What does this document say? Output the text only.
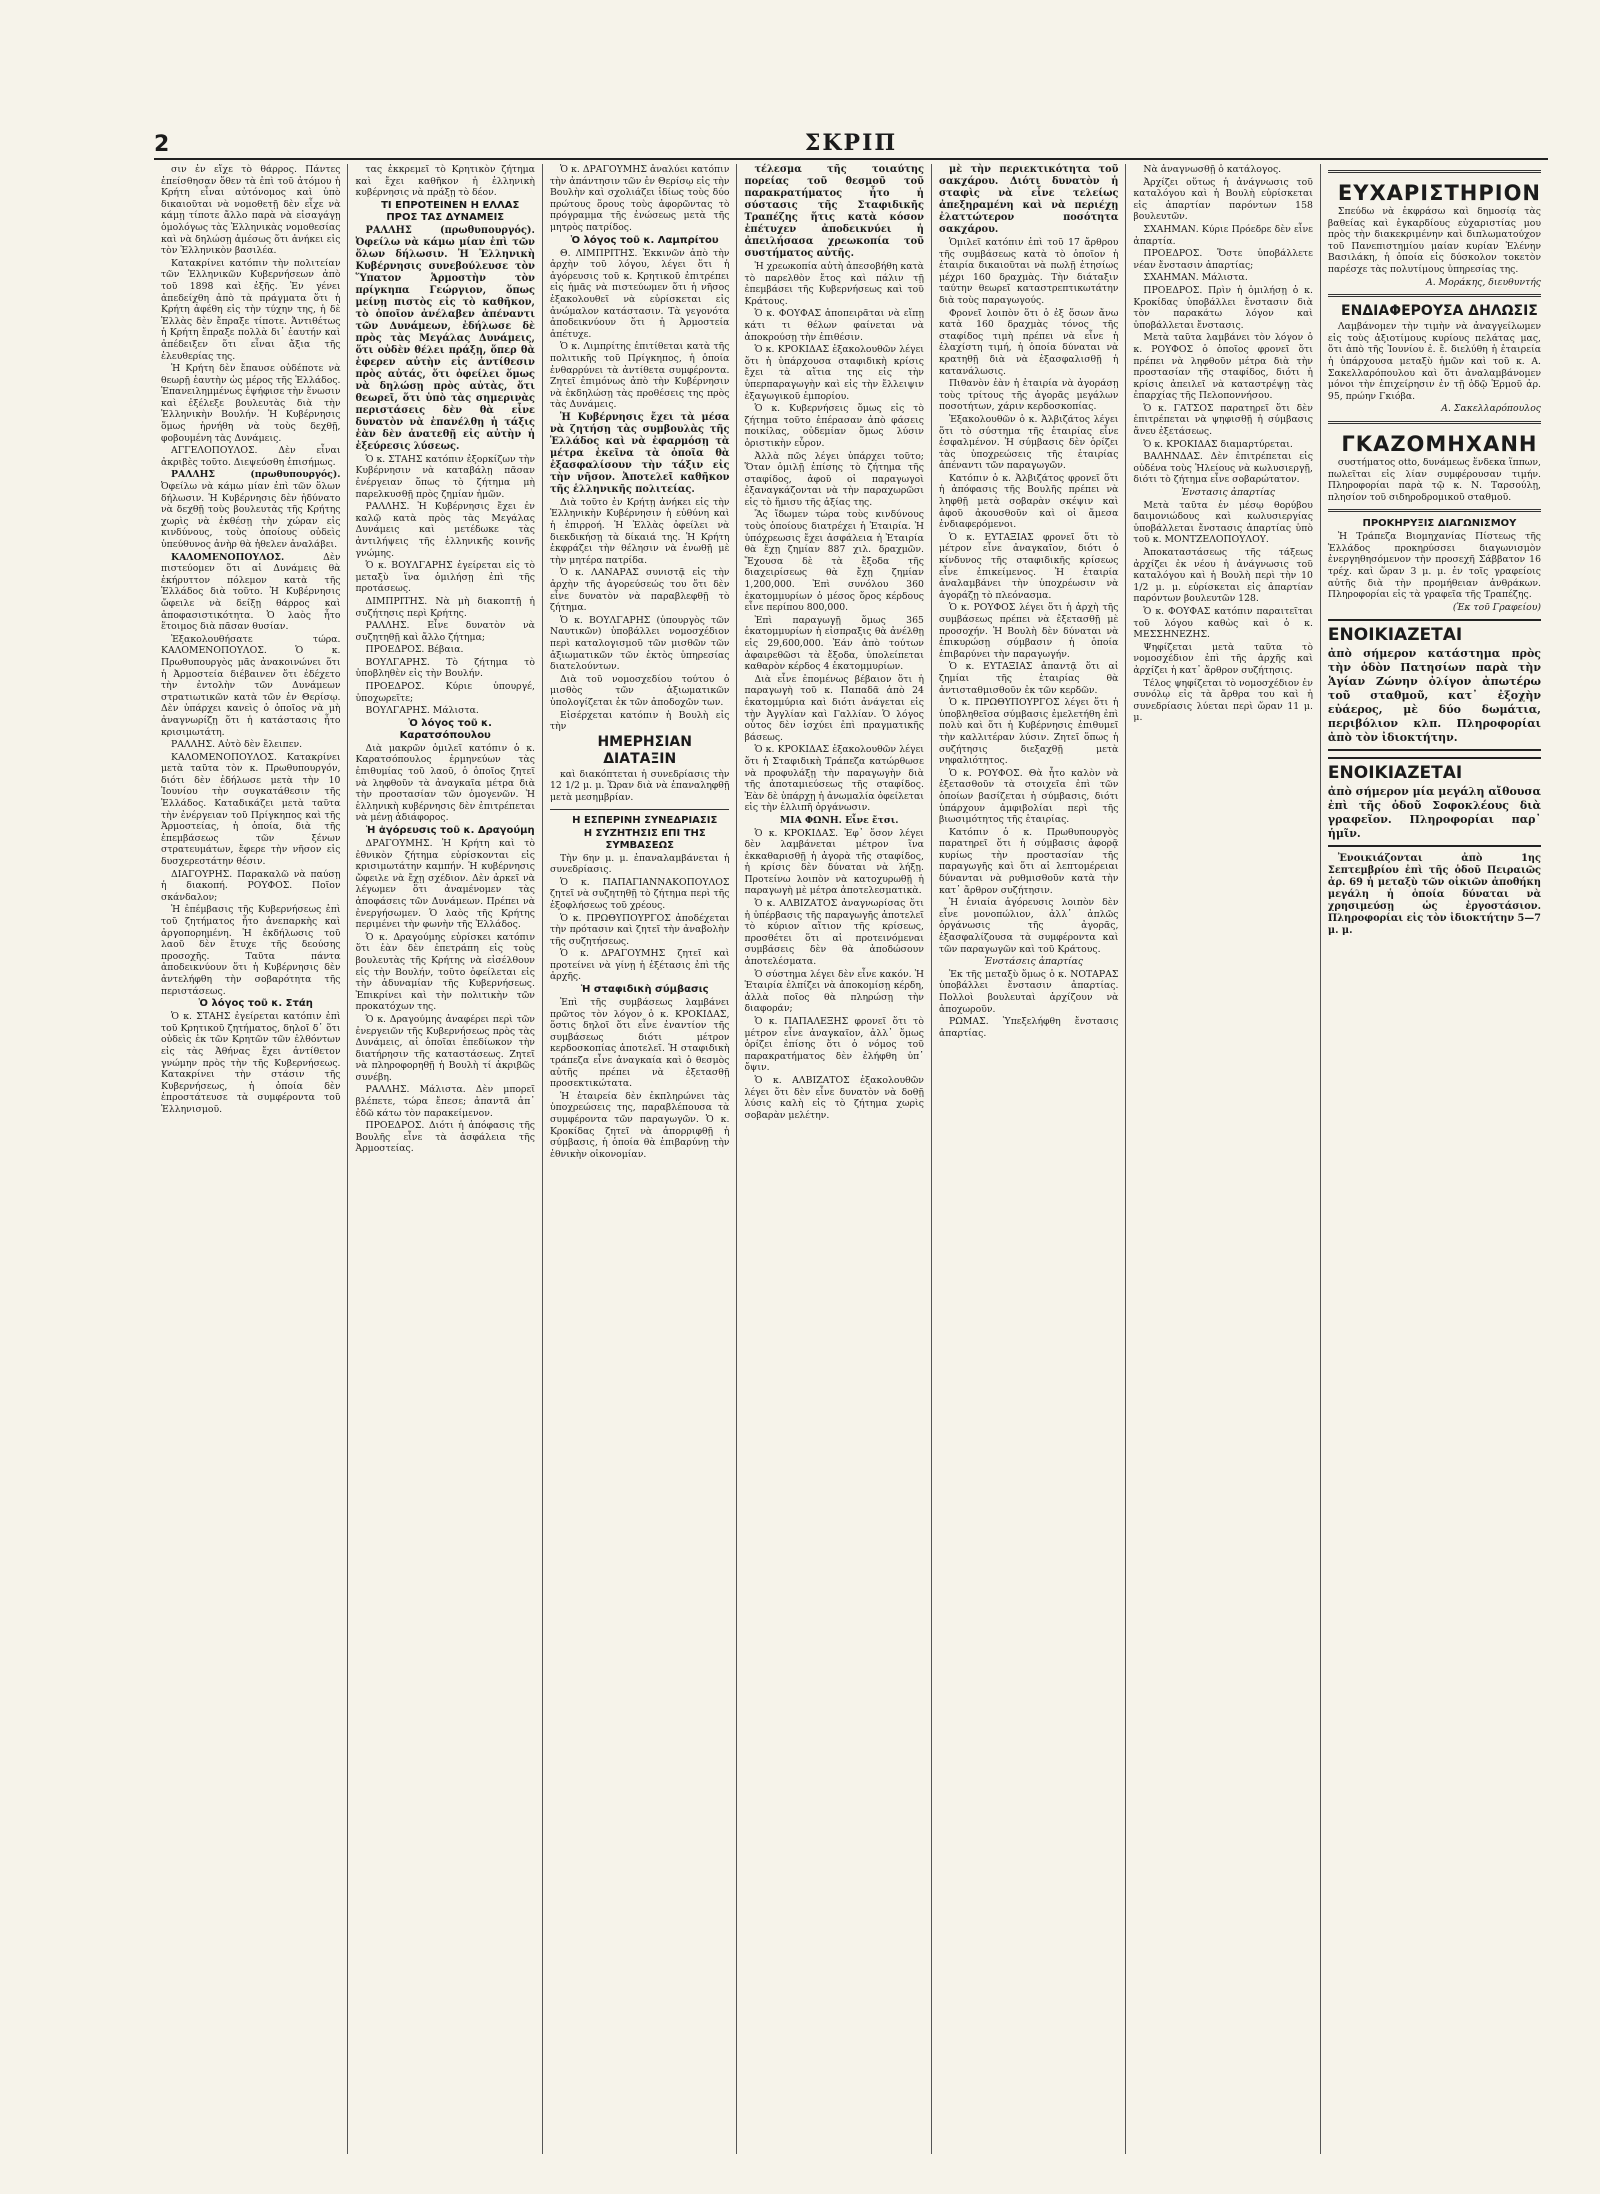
2	ΣΚΡΙΠ

σιν ἐν εἴχε τὸ θάρρος. Πάντες ἐπείσθησαν ὅθεν τὰ ἐπὶ τοῦ ἀτόμου ἡ Κρήτη εἶναι αὐτόνομος καὶ ὑπὸ δικαιοῦται νὰ νομοθετῇ δὲν εἶχε νὰ κάμῃ τίποτε ἄλλο παρὰ νὰ εἰσαγάγῃ ὁμολόγως τὰς Ἑλληνικὰς νομοθεσίας καὶ νὰ δηλώσῃ ἀμέσως ὅτι ἀνήκει εἰς τὸν Ἑλληνικὸν βασιλέα.

Κατακρίνει κατόπιν τὴν πολιτείαν τῶν Ἑλληνικῶν Κυβερνήσεων ἀπὸ τοῦ 1898 καὶ ἐξῆς. Ἐν γένει ἀπεδείχθη ἀπὸ τὰ πράγματα ὅτι ἡ Κρήτη ἀφέθη εἰς τὴν τύχην της, ἡ δὲ Ἑλλὰς δὲν ἔπραξε τίποτε. Ἀντιθέτως ἡ Κρήτη ἔπραξε πολλὰ δι᾽ ἑαυτήν καὶ ἀπέδειξεν ὅτι εἶναι ἄξια τῆς ἐλευθερίας της.

Ἡ Κρήτη δὲν ἔπαυσε οὐδέποτε νὰ θεωρῇ ἑαυτὴν ὡς μέρος τῆς Ἑλλάδος. Ἐπανειλημμένως ἐψήφισε τὴν ἕνωσιν καὶ ἐξέλεξε βουλευτὰς διὰ τὴν Ἑλληνικὴν Βουλήν. Ἡ Κυβέρνησις ὅμως ἠρνήθη νὰ τοὺς δεχθῇ, φοβουμένη τὰς Δυνάμεις.

ΑΓΓΕΛΟΠΟΥΛΟΣ. Δὲν εἶναι ἀκριβὲς τοῦτο. Διεψεύσθη ἐπισήμως.

ΡΑΛΛΗΣ (πρωθυπουργός). Ὀφείλω νὰ κάμω μίαν ἐπὶ τῶν ὅλων δήλωσιν. Ἡ Κυβέρνησις δὲν ἠδύνατο νὰ δεχθῇ τοὺς βουλευτὰς τῆς Κρήτης χωρὶς νὰ ἐκθέσῃ τὴν χώραν εἰς κινδύνους, τοὺς ὁποίους οὐδεὶς ὑπεύθυνος ἀνὴρ θὰ ἠθελεν ἀναλάβει.

ΚΑΛΟΜΕΝΟΠΟΥΛΟΣ.	Δὲν πιστεύομεν ὅτι αἱ Δυνάμεις θὰ ἐκήρυττον πόλεμον κατὰ τῆς Ἑλλάδος διὰ τοῦτο. Ἡ Κυβέρνησις ὤφειλε νὰ δείξῃ θάρρος καὶ ἀποφασιστικότητα. Ὁ λαὸς ἦτο ἕτοιμος διὰ πᾶσαν θυσίαν.

Ἐξακολουθήσατε τώρα. ΚΑΛΟΜΕΝΟΠΟΥΛΟΣ. Ὁ κ. Πρωθυπουργὸς μᾶς ἀνακοινώνει ὅτι ἡ Ἀρμοστεία διέβαινεν ὅτι ἐδέχετο τὴν ἐντολὴν τῶν Δυνάμεων στρατιωτικῶν κατὰ τῶν ἐν Θερίσῳ. Δὲν ὑπάρχει κανεὶς ὁ ὁποῖος νὰ μὴ ἀναγνωρίζῃ ὅτι ἡ κατάστασις ἦτο κρισιμωτάτη.

ΡΑΛΛΗΣ. Αὐτὸ δὲν ἔλειπεν.

ΚΑΛΟΜΕΝΟΠΟΥΛΟΣ. Κατακρίνει μετὰ ταῦτα τὸν κ. Πρωθυπουργόν, διότι δὲν ἐδήλωσε μετὰ τὴν 10 Ἰουνίου τὴν συγκατάθεσιν τῆς Ἑλλάδος. Καταδικάζει μετὰ ταῦτα τὴν ἐνέργειαν τοῦ Πρίγκηπος καὶ τῆς Ἀρμοστείας, ἡ ὁποία, διὰ τῆς ἐπεμβάσεως τῶν ξένων στρατευμάτων, ἔφερε τὴν νῆσον εἰς δυσχερεστάτην θέσιν.

ΔΙΑΓΟΥΡΗΣ. Παρακαλῶ νὰ παύσῃ ἡ διακοπή. ΡΟΥΦΟΣ. Ποῖον σκάνδαλον;

Ἡ ἐπέμβασις τῆς Κυβερνήσεως ἐπὶ τοῦ ζητήματος ἦτο ἀνεπαρκὴς καὶ ἀργοπορημένη. Ἡ ἐκδήλωσις τοῦ λαοῦ δὲν ἔτυχε τῆς δεούσης προσοχῆς. Ταῦτα πάντα ἀποδεικνύουν ὅτι ἡ Κυβέρνησις δὲν ἀντελήφθη τὴν σοβαρότητα τῆς περιστάσεως.

Ὁ λόγος τοῦ κ. Στάη

Ὁ κ. ΣΤΑΗΣ ἐγείρεται κατόπιν ἐπὶ τοῦ Κρητικοῦ ζητήματος, δηλοῖ δ᾽ ὅτι οὐδεὶς ἐκ τῶν Κρητῶν τῶν ἐλθόντων εἰς τὰς Ἀθήνας ἔχει ἀντίθετον γνώμην πρὸς τὴν τῆς Κυβερνήσεως. Κατακρίνει τὴν στάσιν τῆς Κυβερνήσεως, ἡ ὁποία δὲν ἐπροστάτευσε τὰ συμφέροντα τοῦ Ἑλληνισμοῦ.

τας ἐκκρεμεῖ τὸ Κρητικὸν ζήτημα καὶ ἔχει καθῆκον ἡ ἑλληνικὴ κυβέρνησις νὰ πράξῃ τὸ δέον.

ΤΙ ΕΠΡΟΤΕΙΝΕΝ Η ΕΛΛΑΣ ΠΡΟΣ ΤΑΣ ΔΥΝΑΜΕΙΣ

ΡΑΛΛΗΣ (πρωθυπουργός). Ὀφείλω νὰ κάμω μίαν ἐπὶ τῶν ὅλων δήλωσιν. Ἡ Ἑλληνικὴ Κυβέρνησις συνεβούλευσε τὸν Ὕπατον Ἁρμοστὴν τὸν πρίγκηπα Γεώργιον, ὅπως μείνῃ πιστὸς εἰς τὸ καθῆκον, τὸ ὁποῖον ἀνέλαβεν ἀπέναντι τῶν Δυνάμεων, ἐδήλωσε δὲ πρὸς τὰς Μεγάλας Δυνάμεις, ὅτι οὐδὲν θέλει πράξῃ, ὅπερ θὰ ἐφερεν αὐτὴν εἰς ἀντίθεσιν πρὸς αὐτάς, ὅτι ὀφείλει ὅμως νὰ δηλώσῃ πρὸς αὐτὰς, ὅτι θεωρεῖ, ὅτι ὑπὸ τὰς σημερινὰς περιστάσεις δὲν θὰ εἶνε δυνατὸν νὰ ἐπανέλθῃ ἡ τάξις ἐὰν δὲν ἀνατεθῇ εἰς αὐτὴν ἡ ἐξεύρεσις λύσεως.

Ὁ κ. ΣΤΑΗΣ κατόπιν ἐξορκίζων τὴν Κυβέρνησιν νὰ καταβάλῃ πᾶσαν ἐνέργειαν ὅπως τὸ ζήτημα μὴ παρελκυσθῇ πρὸς ζημίαν ἡμῶν.

ΡΑΛΛΗΣ. Ἡ Κυβέρνησις ἔχει ἐν καλῷ κατὰ πρὸς τὰς Μεγάλας Δυνάμεις καὶ μετέδωκε τὰς ἀντιλήψεις τῆς ἑλληνικῆς κοινῆς γνώμης.

Ὁ κ. ΒΟΥΛΓΑΡΗΣ ἐγείρεται εἰς τὸ μεταξὺ ἵνα ὁμιλήσῃ ἐπὶ τῆς προτάσεως.

ΔΙΜΠΡΙΤΗΣ. Νὰ μὴ διακοπτῇ ἡ συζήτησις περὶ Κρήτης.

ΡΑΛΛΗΣ. Εἶνε δυνατὸν νὰ συζητηθῇ καὶ ἄλλο ζήτημα;

ΠΡΟΕΔΡΟΣ. Βέβαια.

ΒΟΥΛΓΑΡΗΣ. Τὸ ζήτημα τὸ ὑποβληθὲν εἰς τὴν Βουλήν.

ΠΡΟΕΔΡΟΣ. Κύριε ὑπουργέ, ὑποχωρεῖτε;

ΒΟΥΛΓΑΡΗΣ. Μάλιστα.

Ὁ λόγος τοῦ κ. Καρατσόπουλου

Διὰ μακρῶν ὁμιλεῖ κατόπιν ὁ κ. Καρατσόπουλος ἐρμηνεύων τὰς ἐπιθυμίας τοῦ λαοῦ, ὁ ὁποῖος ζητεῖ νὰ ληφθοῦν τὰ ἀναγκαῖα μέτρα διὰ τὴν προστασίαν τῶν ὁμογενῶν. Ἡ ἑλληνικὴ κυβέρνησις δὲν ἐπιτρέπεται νὰ μένῃ ἀδιάφορος.

Ἡ ἀγόρευσις τοῦ κ. Δραγούμη

ΔΡΑΓΟΥΜΗΣ. Ἡ Κρήτη καὶ τὸ ἐθνικὸν ζήτημα εὑρίσκονται εἰς κρισιμωτάτην καμπήν. Ἡ κυβέρνησις ὤφειλε νὰ ἔχῃ σχέδιον. Δὲν ἀρκεῖ νὰ λέγωμεν ὅτι ἀναμένομεν τὰς ἀποφάσεις τῶν Δυνάμεων. Πρέπει νὰ ἐνεργήσωμεν. Ὁ λαὸς τῆς Κρήτης περιμένει τὴν φωνὴν τῆς Ἑλλάδος.

Ὁ κ. Δραγούμης εὑρίσκει κατόπιν ὅτι ἐὰν δὲν ἐπετράπη εἰς τοὺς βουλευτὰς τῆς Κρήτης νὰ εἰσέλθουν εἰς τὴν Βουλήν, τοῦτο ὀφείλεται εἰς τὴν ἀδυναμίαν τῆς Κυβερνήσεως. Ἐπικρίνει καὶ τὴν πολιτικὴν τῶν προκατόχων της.

Ὁ κ. Δραγούμης ἀναφέρει περὶ τῶν ἐνεργειῶν τῆς Κυβερνήσεως πρὸς τὰς Δυνάμεις, αἱ ὁποῖαι ἐπεδίωκον τὴν διατήρησιν τῆς καταστάσεως. Ζητεῖ νὰ πληροφορηθῇ ἡ Βουλὴ τί ἀκριβῶς συνέβη.

ΡΑΛΛΗΣ. Μάλιστα. Δὲν μπορεῖ βλέπετε, τώρα ἔπεσε; ἀπαντᾶ ἀπ᾽ ἐδῶ κάτω τὸν παρακείμενον.

ΠΡΟΕΔΡΟΣ. Διότι ἡ ἀπόφασις τῆς Βουλῆς εἶνε τὰ ἀσφάλεια τῆς Ἀρμοστείας.

Ὁ κ. ΔΡΑΓΟΥΜΗΣ ἀναλύει κατόπιν τὴν ἀπάντησιν τῶν ἐν Θερίσῳ εἰς τὴν Βουλὴν καὶ σχολιάζει ἰδίως τοὺς δύο πρώτους ὅρους τοὺς ἀφορῶντας τὸ πρόγραμμα τῆς ἑνώσεως μετὰ τῆς μητρὸς πατρίδος.

Ὁ λόγος τοῦ κ. Λαμπρίτου

Θ. ΛΙΜΠΡΙΤΗΣ. Ἐκκινῶν ἀπὸ τὴν ἀρχὴν τοῦ λόγου, λέγει ὅτι ἡ ἀγόρευσις τοῦ κ. Κρητικοῦ ἐπιτρέπει εἰς ἡμᾶς νὰ πιστεύωμεν ὅτι ἡ νῆσος ἐξακολουθεῖ νὰ εὑρίσκεται εἰς ἀνώμαλον κατάστασιν. Τὰ γεγονότα ἀποδεικνύουν ὅτι ἡ Ἀρμοστεία ἀπέτυχε.

Ὁ κ. Λιμπρίτης ἐπιτίθεται κατὰ τῆς πολιτικῆς τοῦ Πρίγκηπος, ἡ ὁποία ἐνθαρρύνει τὰ ἀντίθετα συμφέροντα. Ζητεῖ ἐπιμόνως ἀπὸ τὴν Κυβέρνησιν νὰ ἐκδηλώσῃ τὰς προθέσεις της πρὸς τὰς Δυνάμεις.

Ἡ Κυβέρνησις ἔχει τὰ μέσα νὰ ζητήσῃ τὰς συμβουλὰς τῆς Ἑλλάδος καὶ νὰ ἐφαρμόσῃ τὰ μέτρα ἐκεῖνα τὰ ὁποῖα θὰ ἐξασφαλίσουν τὴν τάξιν εἰς τὴν νῆσον. Ἀποτελεῖ καθῆκον τῆς ἑλληνικῆς πολιτείας.

Διὰ τοῦτο ἐν Κρήτῃ ἀνήκει εἰς τὴν Ἑλληνικὴν Κυβέρνησιν ἡ εὐθύνη καὶ ἡ ἐπιρροή. Ἡ Ἑλλὰς ὀφείλει νὰ διεκδικήσῃ τὰ δίκαιά της. Ἡ Κρήτη ἐκφράζει τὴν θέλησιν νὰ ἑνωθῇ μὲ τὴν μητέρα πατρίδα.

Ὁ κ. ΛΑΝΑΡΑΣ συνιστᾷ εἰς τὴν ἀρχὴν τῆς ἀγορεύσεώς του ὅτι δὲν εἶνε δυνατὸν νὰ παραβλεφθῇ τὸ ζήτημα.

Ὁ κ. ΒΟΥΛΓΑΡΗΣ (ὑπουργὸς τῶν Ναυτικῶν) ὑποβάλλει νομοσχέδιον περὶ καταλογισμοῦ τῶν μισθῶν τῶν ἀξιωματικῶν τῶν ἐκτὸς ὑπηρεσίας διατελούντων.

Διὰ τοῦ νομοσχεδίου τούτου ὁ μισθὸς τῶν ἀξιωματικῶν ὑπολογίζεται ἐκ τῶν ἀποδοχῶν των.

Εἰσέρχεται κατόπιν ἡ Βουλὴ εἰς τὴν

ΗΜΕΡΗΣΙΑΝ ΔΙΑΤΑΞΙΝ

καὶ διακόπτεται ἡ συνεδρίασις τὴν 12 1/2 μ. μ. Ὥραν διὰ νὰ ἐπαναληφθῇ μετὰ μεσημβρίαν.

Η ΕΣΠΕΡΙΝΗ ΣΥΝΕΔΡΙΑΣΙΣ

Η ΣΥΖΗΤΗΣΙΣ ΕΠΙ ΤΗΣ ΣΥΜΒΑΣΕΩΣ

Τὴν 6ην μ. μ. ἐπαναλαμβάνεται ἡ συνεδρίασις.

Ὁ κ. ΠΑΠΑΓΙΑΝΝΑΚΟΠΟΥΛΟΣ ζητεῖ νὰ συζητηθῇ τὸ ζήτημα περὶ τῆς ἐξοφλήσεως τοῦ χρέους.

Ὁ κ. ΠΡΩΘΥΠΟΥΡΓΟΣ ἀποδέχεται τὴν πρότασιν καὶ ζητεῖ τὴν ἀναβολὴν τῆς συζητήσεως.

Ὁ κ. ΔΡΑΓΟΥΜΗΣ ζητεῖ καὶ προτείνει νὰ γίνῃ ἡ ἐξέτασις ἐπὶ τῆς ἀρχῆς.

Ἡ σταφιδικὴ σύμβασις

Ἐπὶ τῆς συμβάσεως λαμβάνει πρῶτος τὸν λόγον ὁ κ. ΚΡΟΚΙΔΑΣ, ὅστις δηλοῖ ὅτι εἶνε ἐναντίον τῆς συμβάσεως διότι μέτρον κερδοσκοπίας ἀποτελεῖ. Ἡ σταφιδικὴ τράπεζα εἶνε ἀναγκαία καὶ ὁ θεσμὸς αὐτῆς πρέπει νὰ ἐξετασθῇ προσεκτικώτατα.

Ἡ ἑταιρεία δὲν ἐκπληρώνει τὰς ὑποχρεώσεις της, παραβλέπουσα τὰ συμφέροντα τῶν παραγωγῶν. Ὁ κ. Κροκίδας ζητεῖ νὰ ἀπορριφθῇ ἡ σύμβασις, ἡ ὁποία θὰ ἐπιβαρύνῃ τὴν ἐθνικὴν οἰκονομίαν.

τέλεσμα τῆς τοιαύτης πορείας τοῦ θεσμοῦ τοῦ παρακρατήματος ἦτο ἡ σύστασις τῆς Σταφιδικῆς Τραπέζης ἥτις κατὰ κόσον ἐπέτυχεν ἀποδεικνύει ἡ ἀπειλήσασα χρεωκοπία τοῦ συστήματος αὐτῆς.

Ἡ χρεωκοπία αὐτὴ ἀπεσοβήθη κατὰ τὸ παρελθὸν ἔτος καὶ πάλιν τῇ ἐπεμβάσει τῆς Κυβερνήσεως καὶ τοῦ Κράτους.

Ὁ κ. ΦΟΥΦΑΣ ἀποπειρᾶται νὰ εἴπῃ κάτι τι θέλων φαίνεται νὰ ἀποκρούσῃ τὴν ἐπιθέσιν.

Ὁ κ. ΚΡΟΚΙΔΑΣ ἐξακολουθῶν λέγει ὅτι ἡ ὑπάρχουσα σταφιδικὴ κρίσις ἔχει τὰ αἴτια της εἰς τὴν ὑπερπαραγωγὴν καὶ εἰς τὴν ἔλλειψιν ἐξαγωγικοῦ ἐμπορίου.

Ὁ κ. Κυβερνήσεις ὅμως εἰς τὸ ζήτημα τοῦτο ἐπέρασαν ἀπὸ φάσεις ποικίλας, οὐδεμίαν ὅμως λύσιν ὁριστικὴν εὗρον.

Ἀλλὰ πῶς λέγει ὑπάρχει τοῦτο; Ὅταν ὁμιλῇ ἐπίσης τὸ ζήτημα τῆς σταφίδος, ἀφοῦ οἱ παραγωγοὶ ἐξαναγκάζονται νὰ τὴν παραχωρῶσι εἰς τὸ ἥμισυ τῆς ἀξίας της.

Ἂς ἴδωμεν τώρα τοὺς κινδύνους τοὺς ὁποίους διατρέχει ἡ Ἑταιρία. Ἡ ὑπόχρεωσις ἔχει ἀσφάλεια ἡ Ἑταιρία θὰ ἔχῃ ζημίαν 887 χιλ. δραχμῶν. Ἔχουσα δὲ τὰ ἔξοδα τῆς διαχειρίσεως θὰ ἔχῃ ζημίαν 1,200,000. Ἐπὶ συνόλου 360 ἑκατομμυρίων ὁ μέσος ὅρος κέρδους εἶνε περίπου 800,000.

Ἐπὶ παραγωγῇ ὅμως 365 ἑκατομμυρίων ἡ εἰσπραξις θὰ ἀνέλθῃ εἰς 29,600,000. Ἐάν ἀπὸ τούτων ἀφαιρεθῶσι τὰ ἔξοδα, ὑπολείπεται καθαρὸν κέρδος 4 ἑκατομμυρίων.

Διὰ εἶνε ἐπομένως βέβαιον ὅτι ἡ παραγωγὴ τοῦ κ. Παπαδᾶ ἀπὸ 24 ἑκατομμύρια καὶ διότι ἀνάγεται εἰς τὴν Ἀγγλίαν καὶ Γαλλίαν. Ὁ λόγος οὗτος δὲν ἰσχύει ἐπὶ πραγματικῆς βάσεως.

Ὁ κ. ΚΡΟΚΙΔΑΣ ἐξακολουθῶν λέγει ὅτι ἡ Σταφιδικὴ Τράπεζα κατώρθωσε νὰ προφυλάξῃ τὴν παραγωγὴν διὰ τῆς ἀποταμιεύσεως τῆς σταφίδος. Ἐὰν δὲ ὑπάρχῃ ἡ ἀνωμαλία ὀφείλεται εἰς τὴν ἐλλιπῆ ὀργάνωσιν.

ΜΙΑ ΦΩΝΗ. Εἶνε ἔτσι.

Ὁ κ. ΚΡΟΚΙΔΑΣ. Ἐφ᾽ ὅσον λέγει δὲν λαμβάνεται μέτρον ἵνα ἐκκαθαρισθῇ ἡ ἀγορὰ τῆς σταφίδος, ἡ κρίσις δὲν δύναται νὰ λήξῃ. Προτείνω λοιπὸν νὰ κατοχυρωθῇ ἡ παραγωγὴ μὲ μέτρα ἀποτελεσματικὰ.

Ὁ κ. ΑΛΒΙΖΑΤΟΣ ἀναγνωρίσας ὅτι ἡ ὑπέρβασις τῆς παραγωγῆς ἀποτελεῖ τὸ κύριον αἴτιον τῆς κρίσεως, προσθέτει ὅτι αἱ προτεινόμεναι συμβάσεις δὲν θὰ ἀποδώσουν ἀποτελέσματα.

Ὁ σύστημα λέγει δὲν εἶνε κακόν. Ἡ Ἑταιρία ἐλπίζει νὰ ἀποκομίσῃ κέρδη, ἀλλὰ ποῖος θὰ πληρώσῃ τὴν διαφοράν;

Ὁ κ. ΠΑΠΑΛΕΞΗΣ φρονεῖ ὅτι τὸ μέτρον εἶνε ἀναγκαῖον, ἀλλ᾽ ὅμως ὁρίζει ἐπίσης ὅτι ὁ νόμος τοῦ παρακρατήματος δὲν ἐλήφθη ὑπ᾽ ὄψιν.

Ὁ κ. ΑΛΒΙΖΑΤΟΣ ἐξακολουθῶν λέγει ὅτι δὲν εἶνε δυνατὸν νὰ δοθῇ λύσις καλὴ εἰς τὸ ζήτημα χωρὶς σοβαρὰν μελέτην.

μὲ τὴν περιεκτικότητα τοῦ σακχάρου. Διότι δυνατὸν ἡ σταφὶς νὰ εἶνε τελείως ἀπεξηραμένη καὶ νὰ περιέχῃ ἐλαττώτερον ποσότητα σακχάρου.

Ὁμιλεῖ κατόπιν ἐπὶ τοῦ 17 ἄρθρου τῆς συμβάσεως κατὰ τὸ ὁποῖον ἡ ἑταιρία δικαιοῦται νὰ πωλῇ ἐτησίως μέχρι 160 δραχμὰς. Τὴν διάταξιν ταύτην θεωρεῖ καταστρεπτικωτάτην διὰ τοὺς παραγωγούς.

Φρονεῖ λοιπὸν ὅτι ὁ ἐξ ὅσων ἄνω κατὰ 160 δραχμὰς τόνος τῆς σταφίδος τιμὴ πρέπει νὰ εἶνε ἡ ἐλαχίστη τιμή, ἡ ὁποία δύναται νὰ κρατηθῇ διὰ νὰ ἐξασφαλισθῇ ἡ κατανάλωσις.

Πιθανὸν ἐὰν ἡ ἑταιρία νὰ ἀγοράσῃ τοὺς τρίτους τῆς ἀγορᾶς μεγάλων ποσοτήτων, χάριν κερδοσκοπίας.

Ἐξακολουθῶν ὁ κ. Ἀλβιζάτος λέγει ὅτι τὸ σύστημα τῆς ἑταιρίας εἶνε ἐσφαλμένον. Ἡ σύμβασις δὲν ὁρίζει τὰς ὑποχρεώσεις τῆς ἑταιρίας ἀπέναντι τῶν παραγωγῶν.

Κατόπιν ὁ κ. Ἀλβιζάτος φρονεῖ ὅτι ἡ ἀπόφασις τῆς Βουλῆς πρέπει νὰ ληφθῇ μετὰ σοβαρὰν σκέψιν καὶ ἀφοῦ ἀκουσθοῦν καὶ οἱ ἄμεσα ἐνδιαφερόμενοι.

Ὁ κ. ΕΥΤΑΞΙΑΣ φρονεῖ ὅτι τὸ μέτρον εἶνε ἀναγκαῖον, διότι ὁ κίνδυνος τῆς σταφιδικῆς κρίσεως εἶνε ἐπικείμενος. Ἡ ἑταιρία ἀναλαμβάνει τὴν ὑποχρέωσιν νὰ ἀγοράζῃ τὸ πλεόνασμα.

Ὁ κ. ΡΟΥΦΟΣ λέγει ὅτι ἡ ἀρχὴ τῆς συμβάσεως πρέπει νὰ ἐξετασθῇ μὲ προσοχήν. Ἡ Βουλὴ δὲν δύναται νὰ ἐπικυρώσῃ σύμβασιν ἡ ὁποία ἐπιβαρύνει τὴν παραγωγήν.

Ὁ κ. ΕΥΤΑΞΙΑΣ ἀπαντᾷ ὅτι αἱ ζημίαι τῆς ἑταιρίας θὰ ἀντισταθμισθοῦν ἐκ τῶν κερδῶν.

Ὁ κ. ΠΡΩΘΥΠΟΥΡΓΟΣ λέγει ὅτι ἡ ὑποβληθεῖσα σύμβασις ἐμελετήθη ἐπὶ πολὺ καὶ ὅτι ἡ Κυβέρνησις ἐπιθυμεῖ τὴν καλλιτέραν λύσιν. Ζητεῖ ὅπως ἡ συζήτησις διεξαχθῇ μετὰ νηφαλιότητος.

Ὁ κ. ΡΟΥΦΟΣ. Θὰ ἦτο καλὸν νὰ ἐξετασθοῦν τὰ στοιχεῖα ἐπὶ τῶν ὁποίων βασίζεται ἡ σύμβασις, διότι ὑπάρχουν ἀμφιβολίαι περὶ τῆς βιωσιμότητος τῆς ἑταιρίας.

Κατόπιν ὁ κ. Πρωθυπουργὸς παρατηρεῖ ὅτι ἡ σύμβασις ἀφορᾷ κυρίως τὴν προστασίαν τῆς παραγωγῆς καὶ ὅτι αἱ λεπτομέρειαι δύνανται νὰ ρυθμισθοῦν κατὰ τὴν κατ᾽ ἄρθρον συζήτησιν.

Ἡ ἑνιαία ἀγόρευσις λοιπὸν δὲν εἶνε μονοπώλιον, ἀλλ᾽ ἀπλῶς ὀργάνωσις τῆς ἀγορᾶς, ἐξασφαλίζουσα τὰ συμφέροντα καὶ τῶν παραγωγῶν καὶ τοῦ Κράτους.

Ἐνστάσεις ἀπαρτίας

Ἐκ τῆς μεταξὺ ὅμως ὁ κ. ΝΟΤΑΡΑΣ ὑποβάλλει ἔνστασιν ἀπαρτίας. Πολλοὶ βουλευταὶ ἀρχίζουν νὰ ἀποχωροῦν.

ΡΩΜΑΣ. Ὑπεξελήφθη ἔνστασις ἀπαρτίας.

Νὰ ἀναγνωσθῇ ὁ κατάλογος.

Ἀρχίζει οὕτως ἡ ἀνάγνωσις τοῦ καταλόγου καὶ ἡ Βουλὴ εὑρίσκεται εἰς ἀπαρτίαν παρόντων 158 βουλευτῶν.

ΣΧΑΗΜΑΝ. Κύριε Πρόεδρε δὲν εἶνε ἀπαρτία.

ΠΡΟΕΔΡΟΣ. Ὅστε ὑποβάλλετε νέαν ἔνστασιν ἀπαρτίας;

ΣΧΑΗΜΑΝ. Μάλιστα.

ΠΡΟΕΔΡΟΣ. Πρὶν ἡ ὁμιλήσῃ ὁ κ. Κροκίδας ὑποβάλλει ἔνστασιν διὰ τὸν παρακάτω λόγον καὶ ὑποβάλλεται ἔνστασις.

Μετὰ ταῦτα λαμβάνει τὸν λόγον ὁ κ. ΡΟΥΦΟΣ ὁ ὁποῖος φρονεῖ ὅτι πρέπει νὰ ληφθοῦν μέτρα διὰ τὴν προστασίαν τῆς σταφίδος, διότι ἡ κρίσις ἀπειλεῖ νὰ καταστρέψῃ τὰς ἐπαρχίας τῆς Πελοποννήσου.

Ὁ κ. ΓΑΤΣΟΣ παρατηρεῖ ὅτι δὲν ἐπιτρέπεται νὰ ψηφισθῇ ἡ σύμβασις ἄνευ ἐξετάσεως.

Ὁ κ. ΚΡΟΚΙΔΑΣ διαμαρτύρεται.

ΒΑΛΗΝΔΑΣ. Δὲν ἐπιτρέπεται εἰς οὐδένα τοὺς Ἡλείους νὰ κωλυσιεργῇ, διότι τὸ ζήτημα εἶνε σοβαρώτατον.

Ἐνστασις ἀπαρτίας

Μετὰ ταῦτα ἐν μέσῳ θορύβου δαιμονιώδους καὶ κωλυσιεργίας ὑποβάλλεται ἔνστασις ἀπαρτίας ὑπὸ τοῦ κ. ΜΟΝΤΖΕΛΟΠΟΥΛΟΥ.

Ἀποκαταστάσεως τῆς τάξεως ἀρχίζει ἐκ νέου ἡ ἀνάγνωσις τοῦ καταλόγου καὶ ἡ Βουλὴ περὶ τὴν 10 1/2 μ. μ. εὑρίσκεται εἰς ἀπαρτίαν παρόντων βουλευτῶν 128.

Ὁ κ. ΦΟΥΦΑΣ κατόπιν παραιτεῖται τοῦ λόγου καθὼς καὶ ὁ κ. ΜΕΣΣΗΝΕΖΗΣ.

Ψηφίζεται μετὰ ταῦτα τὸ νομοσχέδιον ἐπὶ τῆς ἀρχῆς καὶ ἀρχίζει ἡ κατ᾽ ἄρθρον συζήτησις.

Τέλος ψηφίζεται τὸ νομοσχέδιον ἐν συνόλῳ εἰς τὰ ἄρθρα του καὶ ἡ συνεδρίασις λύεται περὶ ὥραν 11 μ. μ.

ΕΥΧΑΡΙΣΤΗΡΙΟΝ

Σπεύδω νὰ ἐκφράσω καὶ δημοσίᾳ τὰς βαθείας καὶ ἐγκαρδίους εὐχαριστίας μου πρὸς τὴν διακεκριμένην καὶ διπλωματούχον τοῦ Πανεπιστημίου μαίαν κυρίαν Ἑλένην Βασιλάκη, ἡ ὁποία εἰς δύσκολον τοκετὸν παρέσχε τὰς πολυτίμους ὑπηρεσίας της.

Α. Μοράκης, διευθυντής

ΕΝΔΙΑΦΕΡΟΥΣΑ ΔΗΛΩΣΙΣ

Λαμβάνομεν τὴν τιμὴν νὰ ἀναγγείλωμεν εἰς τοὺς ἀξιοτίμους κυρίους πελάτας μας, ὅτι ἀπὸ τῆς Ἰουνίου ἐ. ἔ. διελύθη ἡ ἑταιρεία ἡ ὑπάρχουσα μεταξὺ ἡμῶν καὶ τοῦ κ. Α. Σακελλαρόπουλου καὶ ὅτι ἀναλαμβάνομεν μόνοι τὴν ἐπιχείρησιν ἐν τῇ ὁδῷ Ἑρμοῦ ἀρ. 95, πρώην Γκιόβα.

Α. Σακελλαρόπουλος

ΓΚΑΖΟΜΗΧΑΝΗ

συστήματος otto, δυνάμεως ἕνδεκα ἵππων, πωλεῖται εἰς λίαν συμφέρουσαν τιμήν. Πληροφορίαι παρὰ τῷ κ. Ν. Ταρσούλῃ, πλησίον τοῦ σιδηροδρομικοῦ σταθμοῦ.

ΠΡΟΚΗΡΥΞΙΣ ΔΙΑΓΩΝΙΣΜΟΥ

Ἡ Τράπεζα Βιομηχανίας Πίστεως τῆς Ἑλλάδος προκηρύσσει διαγωνισμὸν ἐνεργηθησόμενον τὴν προσεχῆ Σάββατον 16 τρέχ. καὶ ὥραν 3 μ. μ. ἐν τοῖς γραφείοις αὐτῆς διὰ τὴν προμήθειαν ἀνθράκων. Πληροφορίαι εἰς τὰ γραφεῖα τῆς Τραπέζης.

(Ἐκ τοῦ Γραφείου)

ΕΝΟΙΚΙΑΖΕΤΑΙ
ἀπὸ σήμερον κατάστημα πρὸς τὴν ὁδὸν Πατησίων παρὰ τὴν Ἁγίαν Ζώνην ὀλίγον ἀπωτέρω τοῦ σταθμοῦ, κατ᾽ ἐξοχὴν εὐάερος, μὲ δύο δωμάτια, περιβόλιον κλπ. Πληροφορίαι ἀπὸ τὸν ἰδιοκτήτην.
ΕΝΟΙΚΙΑΖΕΤΑΙ
ἀπὸ σήμερον μία μεγάλη αἴθουσα ἐπὶ τῆς ὁδοῦ Σοφοκλέους διὰ γραφεῖον. Πληροφορίαι παρ᾽ ἡμῖν.

Ἐνοικιάζονται ἀπὸ 1ης Σεπτεμβρίου ἐπὶ τῆς ὁδοῦ Πειραιῶς ἀρ. 69 ἡ μεταξὺ τῶν οἰκιῶν ἀποθήκη μεγάλη ἡ ὁποία δύναται νὰ χρησιμεύσῃ ὡς ἐργοστάσιον. Πληροφορίαι εἰς τὸν ἰδιοκτήτην 5—7 μ. μ.
